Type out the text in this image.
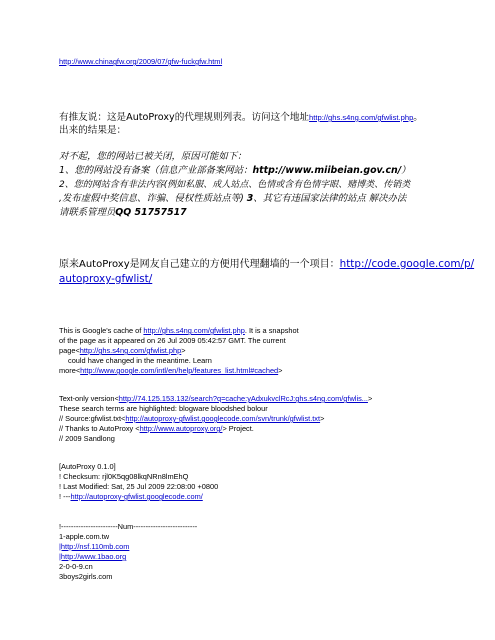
http://www.chinagfw.org/2009/07/gfw-fuckgfw.html
有推友说：这是AutoProxy的代理规则列表。访问这个地址http://ghs.s4ng.com/gfwlist.php。
出来的结果是：
对不起，您的网站已被关闭，原因可能如下：
1、您的网站没有备案（信息产业部备案网站：http://www.miibeian.gov.cn/）
2、您的网站含有非法内容(例如私服、成人站点、色情或含有色情字眼、赌博类、传销类
,发布虚假中奖信息、诈骗、侵权性质站点等) 3、其它有违国家法律的站点 解决办法
请联系管理员QQ 51757517
原来AutoProxy是网友自己建立的方便用代理翻墙的一个项目：http://code.google.com/p/
autoproxy-gfwlist/
This is Google's cache of http://ghs.s4ng.com/gfwlist.php. It is a snapshot
of the page as it appeared on 26 Jul 2009 05:42:57 GMT. The current
page<http://ghs.s4ng.com/gfwlist.php>
could have changed in the meantime. Learn
more<http://www.google.com/intl/en/help/features_list.html#cached>
Text-only version<http://74.125.153.132/search?q=cache:yAdxukvclRcJ:ghs.s4ng.com/gfwlis...>
These search terms are highlighted: blogware bloodshed bolour
// Source:gfwlist.txt<http://autoproxy-gfwlist.googlecode.com/svn/trunk/gfwlist.txt>
// Thanks to AutoProxy <http://www.autoproxy.org/> Project.
// 2009 Sandlong
[AutoProxy 0.1.0]
! Checksum: rjl0K5qg08lkqNRn8lmEhQ
! Last Modified: Sat, 25 Jul 2009 22:08:00 +0800
! ---http://autoproxy-gfwlist.googlecode.com/
!-----------------------Num--------------------------
1-apple.com.tw
|http://nsf.110mb.com
|http://www.1bao.org
2-0-0-9.cn
3boys2girls.com
